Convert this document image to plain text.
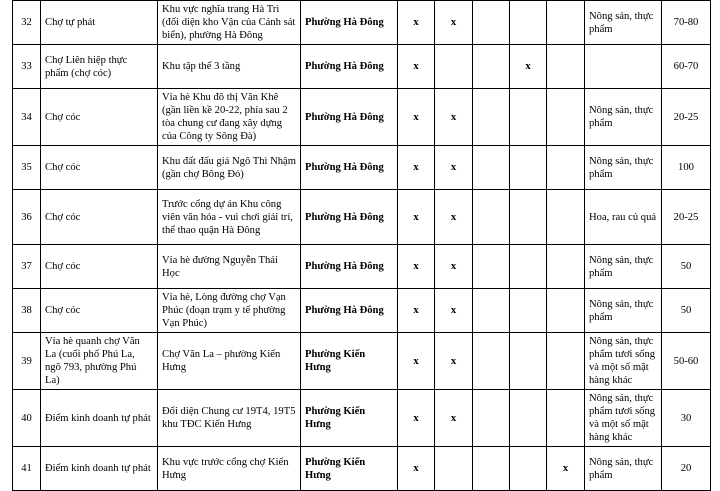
32	Chợ tự phát	Khu vực nghĩa trang Hà Trì (đối diện kho Vận của Cảnh sát biển), phường Hà Đông	Phường Hà Đông	x	x				Nông sản, thực phẩm	70-80
33	Chợ Liên hiệp thực phẩm (chợ cóc)	Khu tập thể 3 tầng	Phường Hà Đông	x			x			60-70
34	Chợ cóc	Vỉa hè Khu đô thị Văn Khê (gần liền kề 20-22, phía sau 2 tòa chung cư đang xây dựng của Công ty Sông Đà)	Phường Hà Đông	x	x				Nông sản, thực phẩm	20-25
35	Chợ cóc	Khu đất đấu giá Ngô Thì Nhậm (gần chợ Bông Đỏ)	Phường Hà Đông	x	x				Nông sản, thực phẩm	100
36	Chợ cóc	Trước cổng dự án Khu công viên văn hóa - vui chơi giải trí, thể thao quận Hà Đông	Phường Hà Đông	x	x				Hoa, rau củ quả	20-25
37	Chợ cóc	Vỉa hè đường Nguyễn Thái Học	Phường Hà Đông	x	x				Nông sản, thực phẩm	50
38	Chợ cóc	Vỉa hè, Lòng đường chợ Vạn Phúc (đoạn trạm y tế phường Vạn Phúc)	Phường Hà Đông	x	x				Nông sản, thực phẩm	50
39	Vỉa hè quanh chợ Văn La (cuối phố Phú La, ngõ 793, phường Phú La)	Chợ Văn La – phường Kiến Hưng	Phường Kiến Hưng	x	x				Nông sản, thực phẩm tươi sống và một số mặt hàng khác	50-60
40	Điểm kinh doanh tự phát	Đối diện Chung cư 19T4, 19T5 khu TĐC Kiến Hưng	Phường Kiến Hưng	x	x				Nông sản, thực phẩm tươi sống và một số mặt hàng khác	30
41	Điểm kinh doanh tự phát	Khu vực trước cổng chợ Kiến Hưng	Phường Kiến Hưng	x				x	Nông sản, thực phẩm	20
